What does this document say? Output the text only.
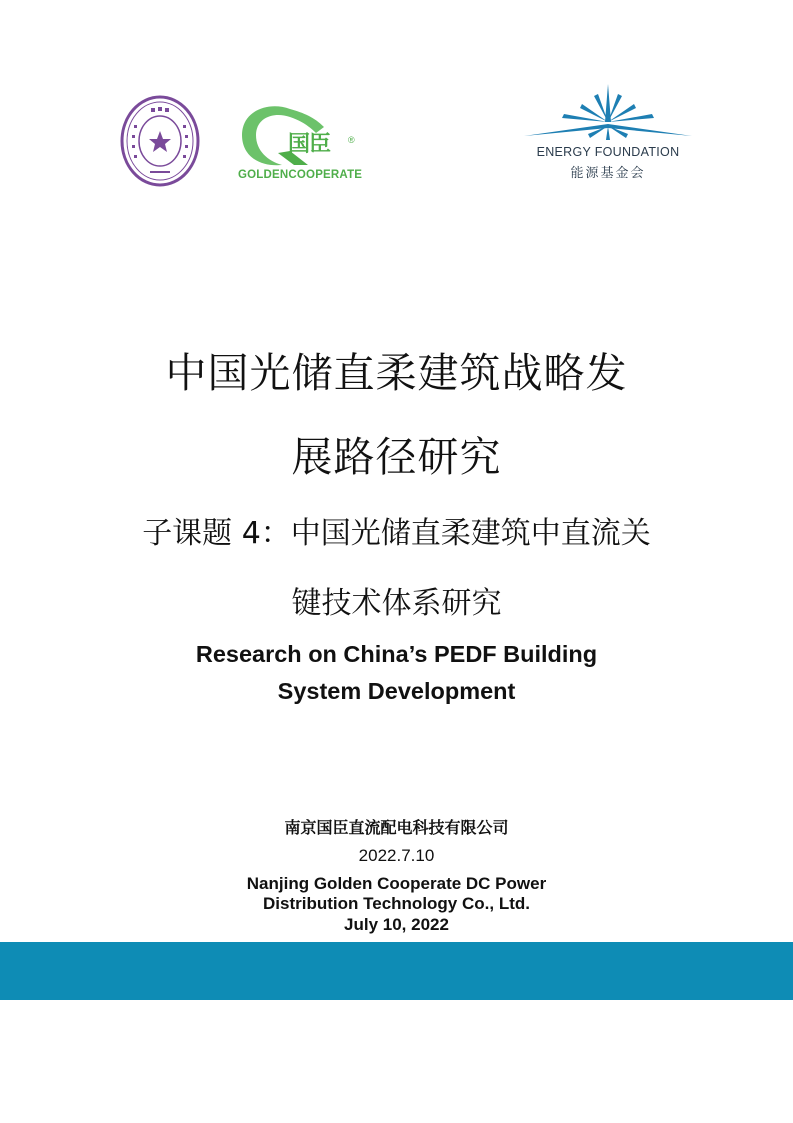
国臣 ®
GOLDENCOOPERATE
ENERGY FOUNDATION
能源基金会
中国光储直柔建筑战略发
展路径研究
子课题 4：中国光储直柔建筑中直流关
键技术体系研究
Research on China’s PEDF Building
System Development
南京国臣直流配电科技有限公司
2022.7.10
Nanjing Golden Cooperate DC Power
Distribution Technology Co., Ltd.
July 10, 2022
